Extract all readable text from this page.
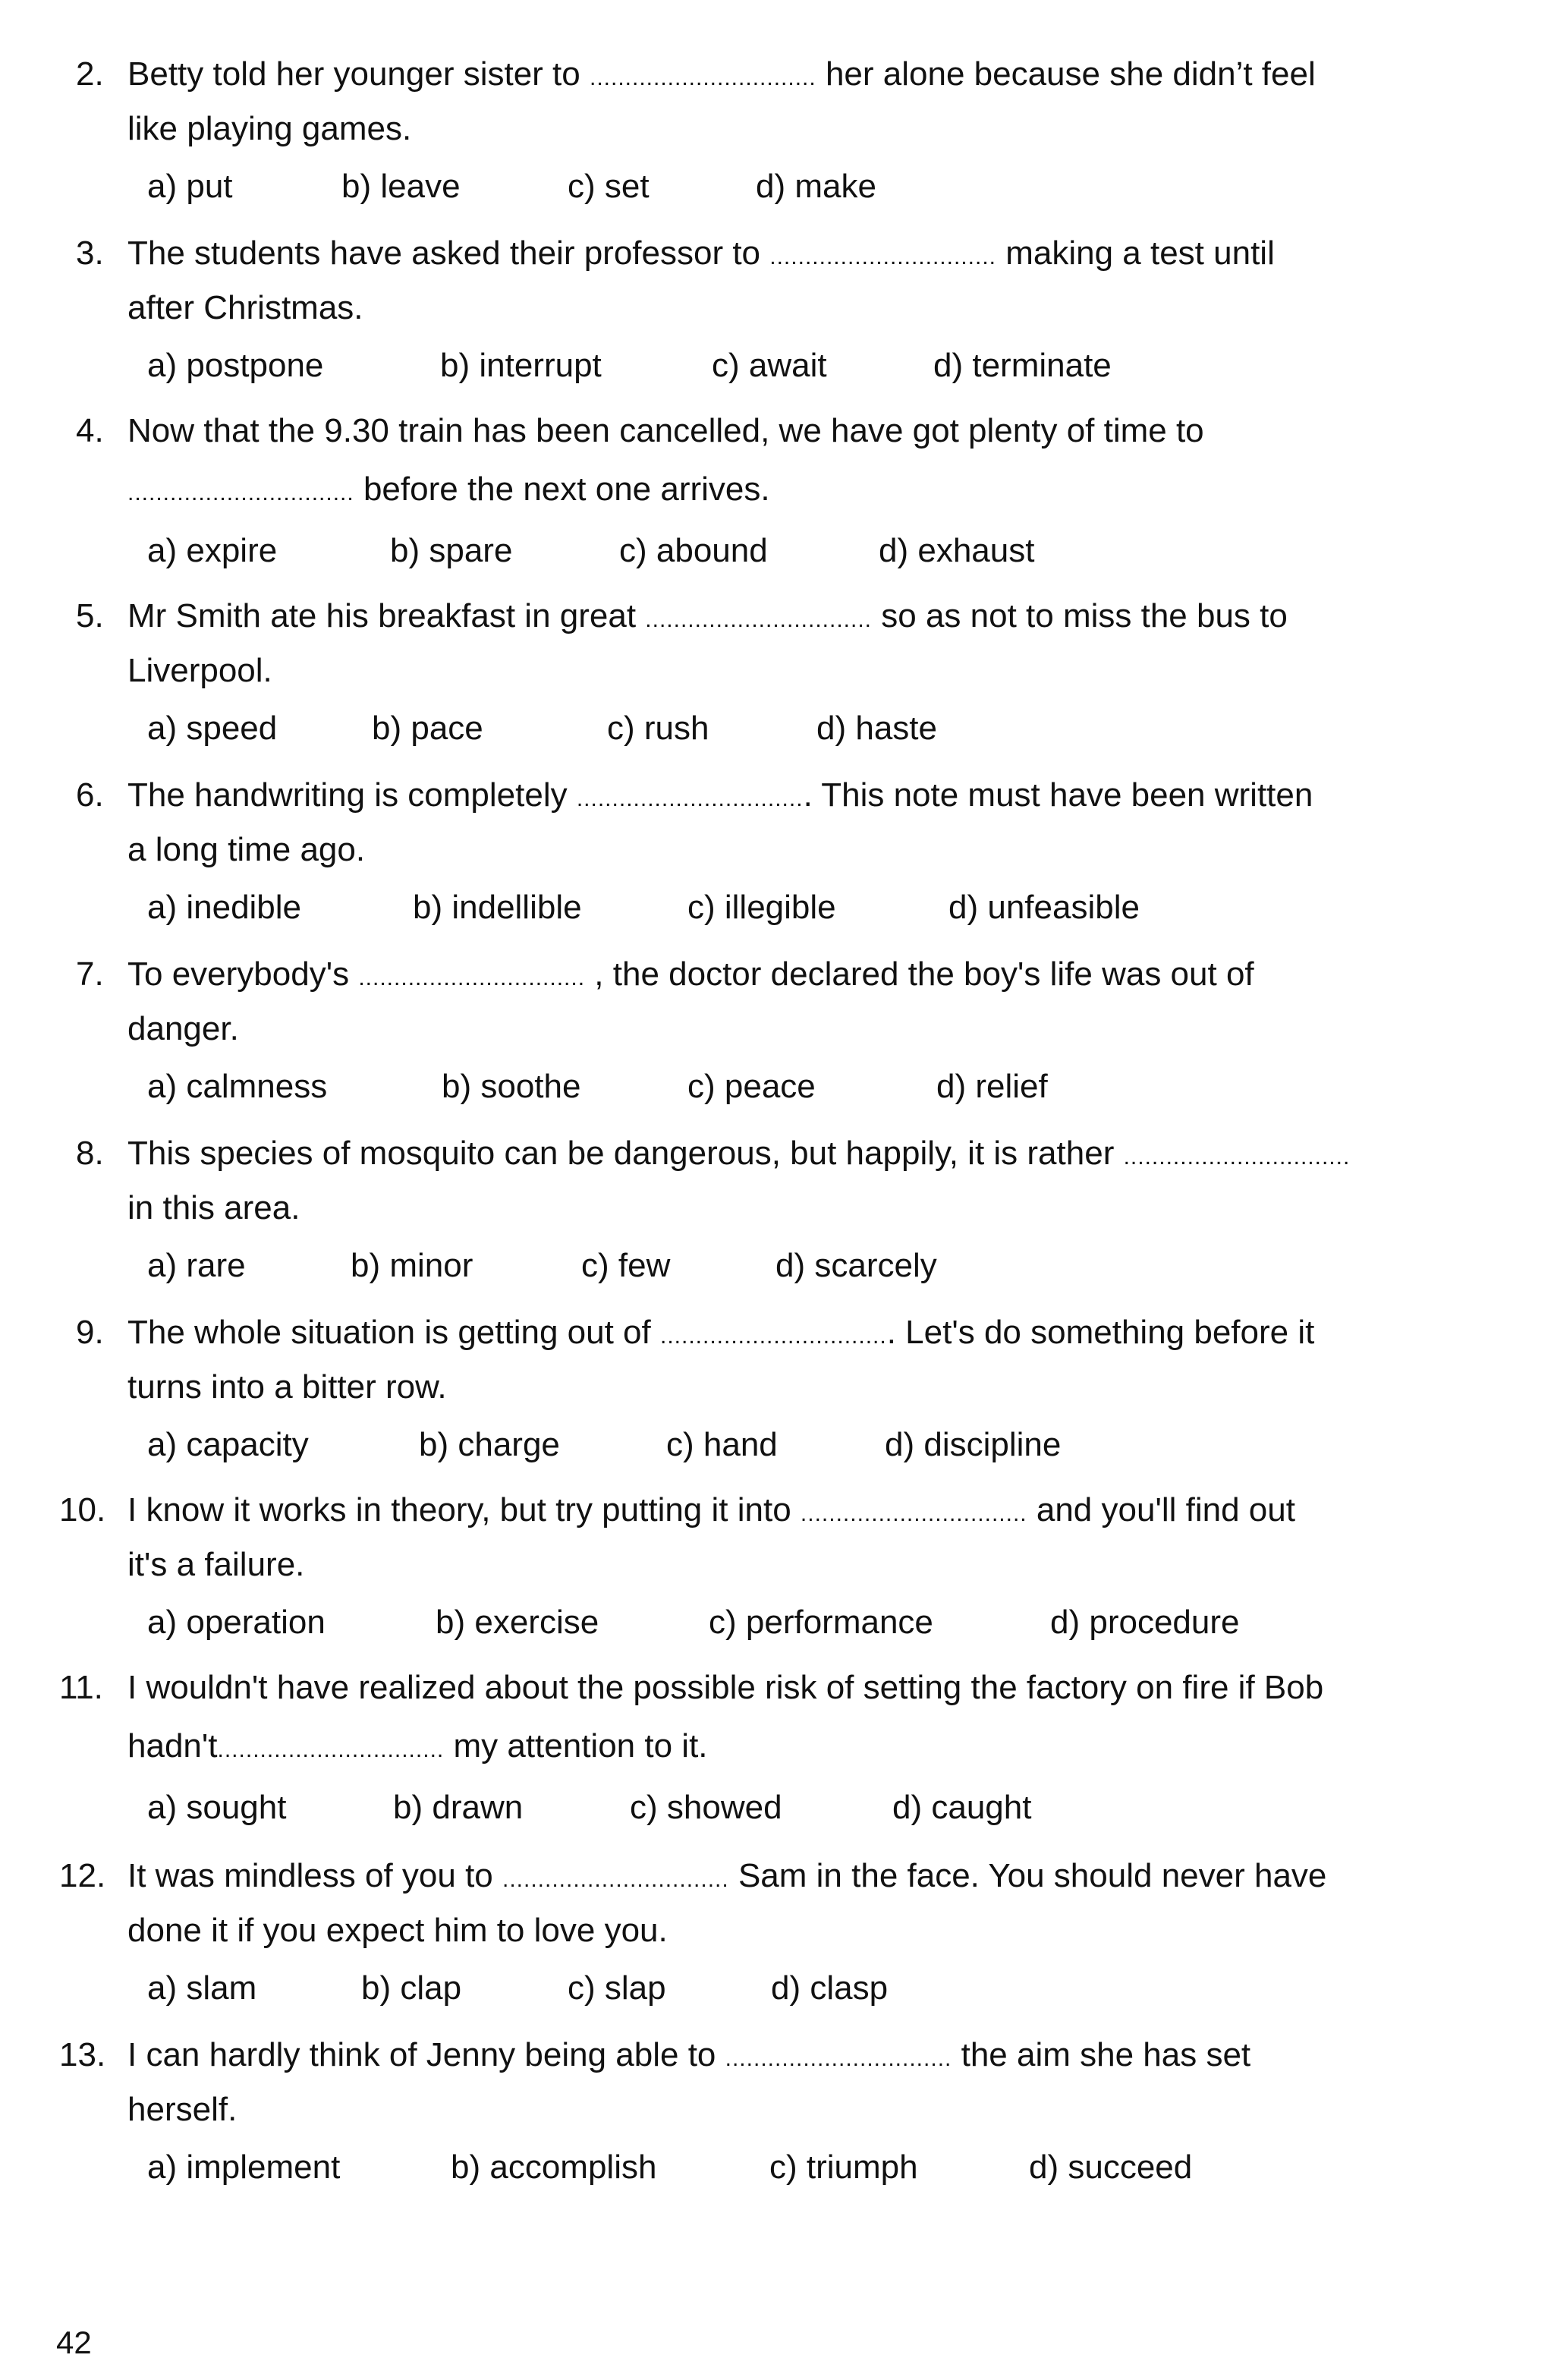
2. Betty told her younger sister to ................................ her alone because she didn’t feel
like playing games.
a) put	b) leave	c) set	d) make
3. The students have asked their professor to ................................ making a test until
after Christmas.
a) postpone	b) interrupt	c) await	d) terminate
4. Now that the 9.30 train has been cancelled, we have got plenty of time to
................................ before the next one arrives.
a) expire	b) spare	c) abound	d) exhaust
5. Mr Smith ate his breakfast in great ................................ so as not to miss the bus to
Liverpool.
a) speed	b) pace	c) rush	d) haste
6. The handwriting is completely ................................. This note must have been written
a long time ago.
a) inedible	b) indellible	c) illegible	d) unfeasible
7. To everybody's ................................ , the doctor declared the boy's life was out of
danger.
a) calmness	b) soothe	c) peace	d) relief
8. This species of mosquito can be dangerous, but happily, it is rather ................................
in this area.
a) rare	b) minor	c) few	d) scarcely
9. The whole situation is getting out of ................................. Let's do something before it
turns into a bitter row.
a) capacity	b) charge	c) hand	d) discipline
10. I know it works in theory, but try putting it into ................................ and you'll find out
it's a failure.
a) operation	b) exercise	c) performance	d) procedure
11. I wouldn't have realized about the possible risk of setting the factory on fire if Bob
hadn't................................ my attention to it.
a) sought	b) drawn	c) showed	d) caught
12. It was mindless of you to ................................ Sam in the face. You should never have
done it if you expect him to love you.
a) slam	b) clap	c) slap	d) clasp
13. I can hardly think of Jenny being able to ................................ the aim she has set
herself.
a) implement	b) accomplish	c) triumph	d) succeed
42
